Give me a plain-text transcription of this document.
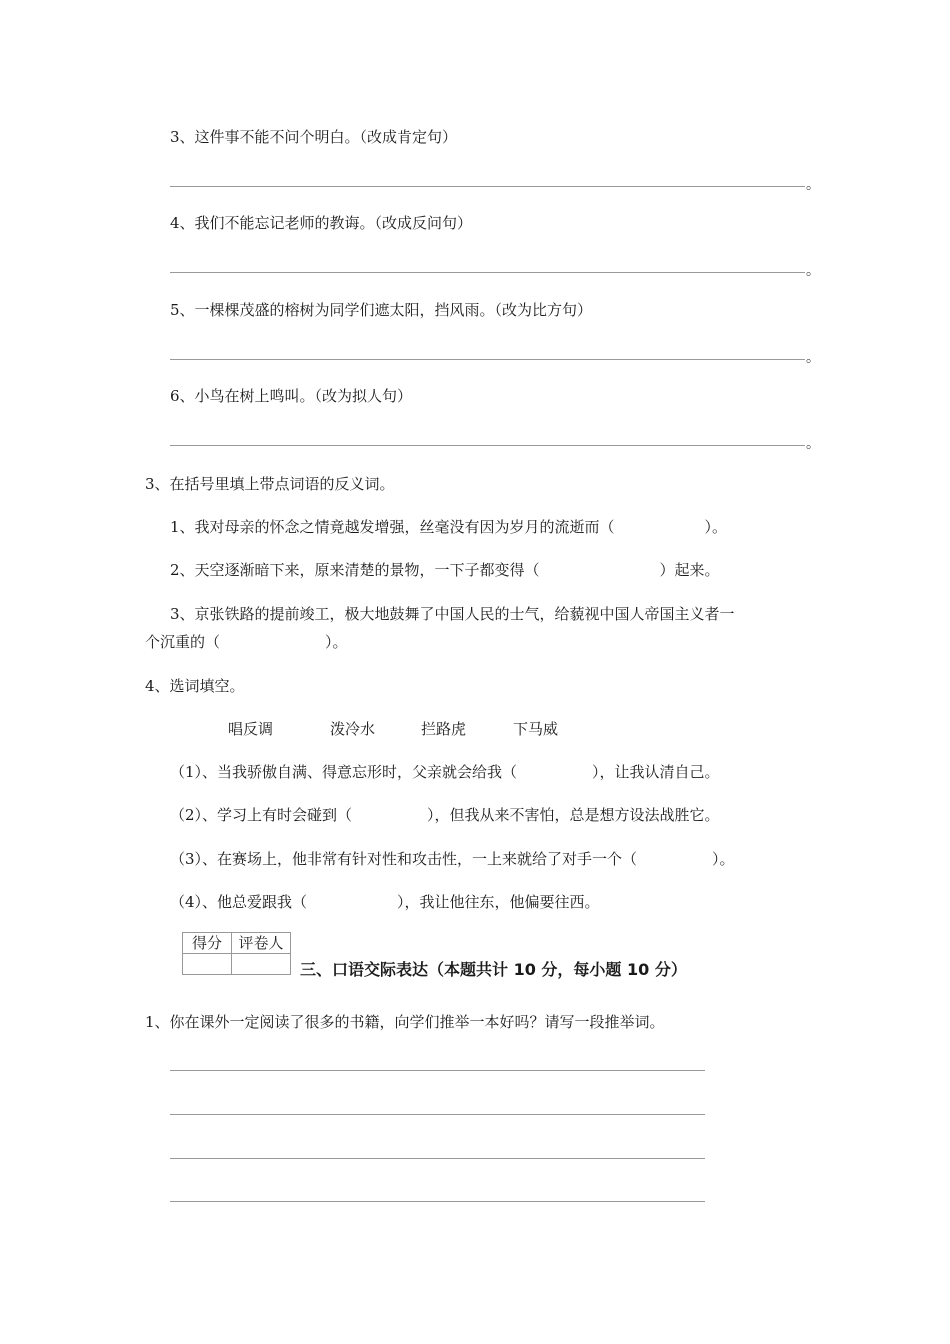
3、这件事不能不问个明白。（改成肯定句）
。
4、我们不能忘记老师的教诲。（改成反问句）
。
5、一棵棵茂盛的榕树为同学们遮太阳，挡风雨。（改为比方句）
。
6、小鸟在树上鸣叫。（改为拟人句）
。
3、在括号里填上带点词语的反义词。
1、我对母亲的怀念之情竟越发增强，丝毫没有因为岁月的流逝而（　　　　　　）。
2、天空逐渐暗下来，原来清楚的景物，一下子都变得（　　　　　　　　）起来。
3、京张铁路的提前竣工，极大地鼓舞了中国人民的士气，给藐视中国人帝国主义者一
个沉重的（　　　　　　　）。
4、选词填空。
唱反调	泼冷水	拦路虎	下马威
（1）、当我骄傲自满、得意忘形时，父亲就会给我（　　　　　），让我认清自己。
（2）、学习上有时会碰到（　　　　　），但我从来不害怕，总是想方设法战胜它。
（3）、在赛场上，他非常有针对性和攻击性，一上来就给了对手一个（　　　　　）。
（4）、他总爱跟我（　　　　　　），我让他往东，他偏要往西。
得分	评卷人

三、口语交际表达（本题共计 10 分，每小题 10 分）
1、你在课外一定阅读了很多的书籍，向学们推举一本好吗？请写一段推举词。
